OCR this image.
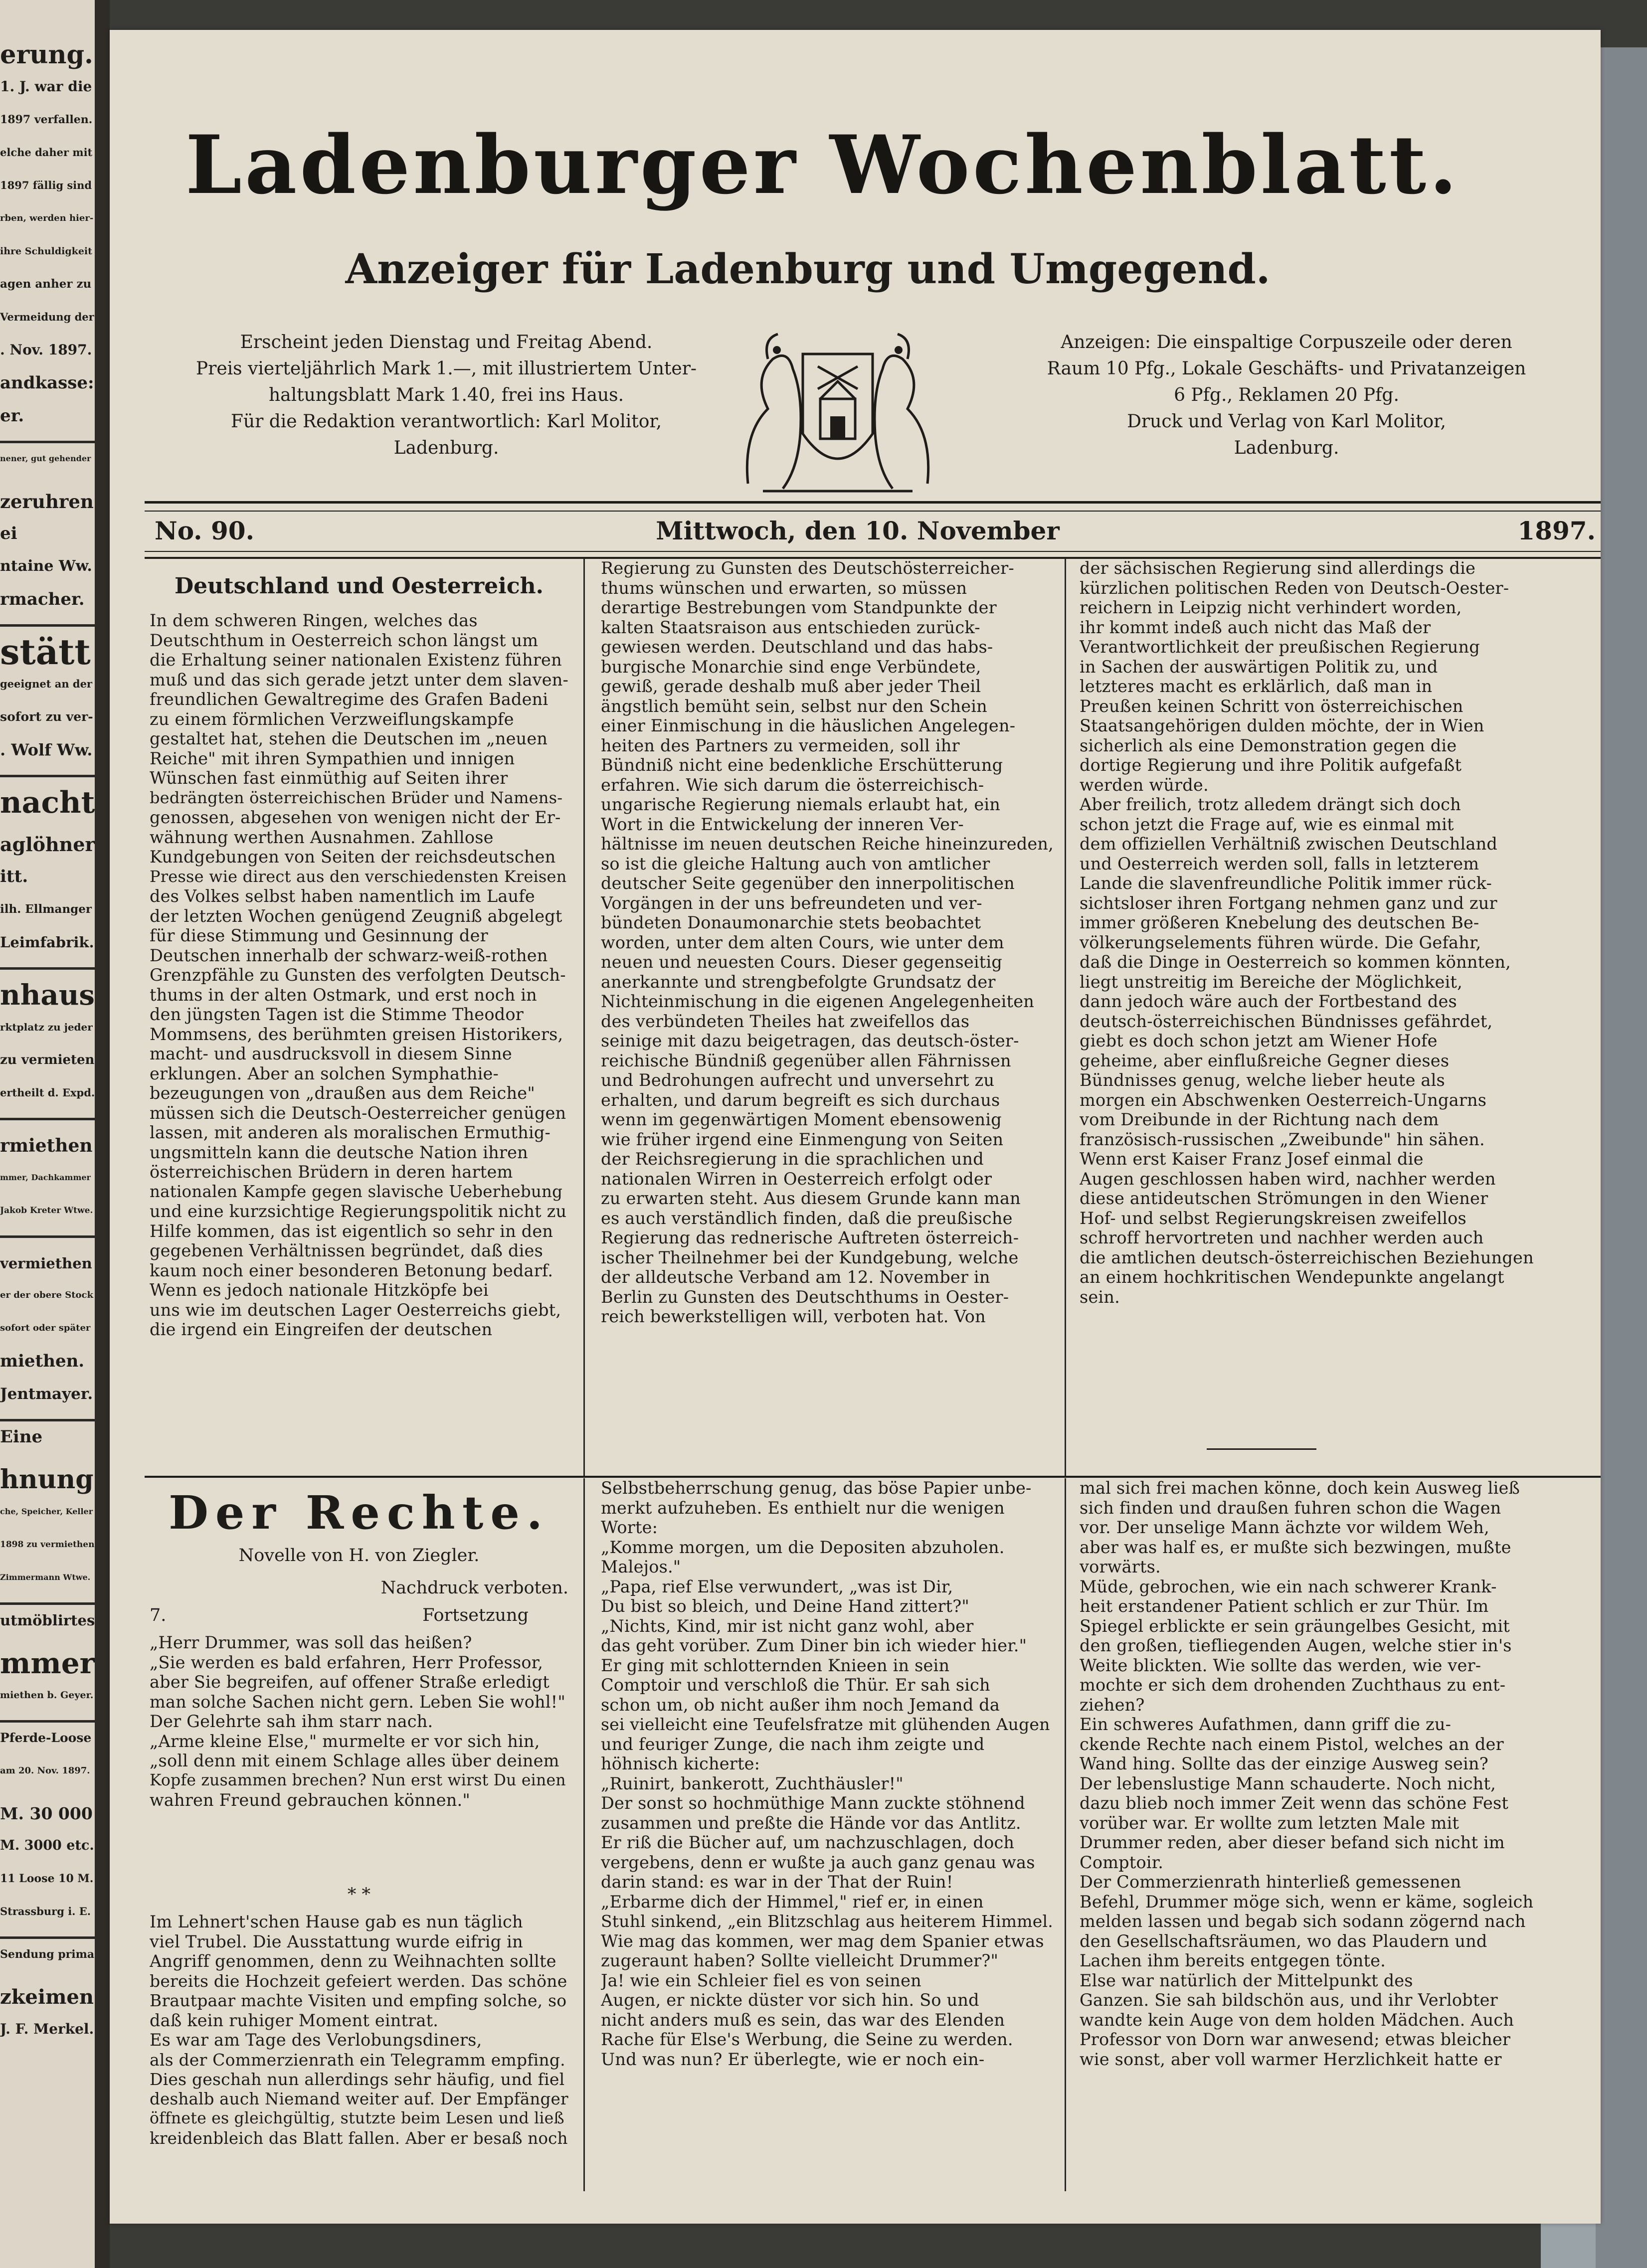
erung.
1. J. war die
1897 verfallen.
elche daher mit
1897 fällig sind
rben, werden hier-
ihre Schuldigkeit
agen anher zu
Vermeidung der
. Nov. 1897.
andkasse:
er.
nener, gut gehender
zeruhren
ei
ntaine Ww.
rmacher.
stätt
geeignet an der
sofort zu ver-
. Wolf Ww.
nacht
aglöhner
itt.
ilh. Ellmanger
Leimfabrik.
nhaus
rktplatz zu jeder
zu vermieten
ertheilt d. Expd.
rmiethen
mmer, Dachkammer
Jakob Kreter Wtwe.
vermiethen
er der obere Stock
sofort oder später
miethen.
Jentmayer.
Eine
hnung
che, Speicher, Keller
1898 zu vermiethen
Zimmermann Wtwe.
utmöblirtes
mmer
miethen b. Geyer.
Pferde-Loose
am 20. Nov. 1897.
M. 30 000
M. 3000 etc.
11 Loose 10 M.
Strassburg i. E.
Sendung prima
zkeimen
J. F. Merkel.
Ladenburger Wochenblatt.
Anzeiger für Ladenburg und Umgegend.
Erscheint jeden Dienstag und Freitag Abend.
Preis vierteljährlich Mark 1.—, mit illustriertem Unter-
haltungsblatt Mark 1.40, frei ins Haus.
Für die Redaktion verantwortlich: Karl Molitor,
Ladenburg.
Anzeigen: Die einspaltige Corpuszeile oder deren
Raum 10 Pfg., Lokale Geschäfts- und Privatanzeigen
6 Pfg., Reklamen 20 Pfg.
Druck und Verlag von Karl Molitor,
Ladenburg.
No. 90.	Mittwoch, den 10. November	1897.
Deutschland und Oesterreich.
In dem schweren Ringen, welches das
Deutschthum in Oesterreich schon längst um
die Erhaltung seiner nationalen Existenz führen
muß und das sich gerade jetzt unter dem slaven-
freundlichen Gewaltregime des Grafen Badeni
zu einem förmlichen Verzweiflungskampfe
gestaltet hat, stehen die Deutschen im „neuen
Reiche" mit ihren Sympathien und innigen
Wünschen fast einmüthig auf Seiten ihrer
bedrängten österreichischen Brüder und Namens-
genossen, abgesehen von wenigen nicht der Er-
wähnung werthen Ausnahmen. Zahllose
Kundgebungen von Seiten der reichsdeutschen
Presse wie direct aus den verschiedensten Kreisen
des Volkes selbst haben namentlich im Laufe
der letzten Wochen genügend Zeugniß abgelegt
für diese Stimmung und Gesinnung der
Deutschen innerhalb der schwarz-weiß-rothen
Grenzpfähle zu Gunsten des verfolgten Deutsch-
thums in der alten Ostmark, und erst noch in
den jüngsten Tagen ist die Stimme Theodor
Mommsens, des berühmten greisen Historikers,
macht- und ausdrucksvoll in diesem Sinne
erklungen. Aber an solchen Symphathie-
bezeugungen von „draußen aus dem Reiche"
müssen sich die Deutsch-Oesterreicher genügen
lassen, mit anderen als moralischen Ermuthig-
ungsmitteln kann die deutsche Nation ihren
österreichischen Brüdern in deren hartem
nationalen Kampfe gegen slavische Ueberhebung
und eine kurzsichtige Regierungspolitik nicht zu
Hilfe kommen, das ist eigentlich so sehr in den
gegebenen Verhältnissen begründet, daß dies
kaum noch einer besonderen Betonung bedarf.
Wenn es jedoch nationale Hitzköpfe bei
uns wie im deutschen Lager Oesterreichs giebt,
die irgend ein Eingreifen der deutschen
Regierung zu Gunsten des Deutschösterreicher-
thums wünschen und erwarten, so müssen
derartige Bestrebungen vom Standpunkte der
kalten Staatsraison aus entschieden zurück-
gewiesen werden. Deutschland und das habs-
burgische Monarchie sind enge Verbündete,
gewiß, gerade deshalb muß aber jeder Theil
ängstlich bemüht sein, selbst nur den Schein
einer Einmischung in die häuslichen Angelegen-
heiten des Partners zu vermeiden, soll ihr
Bündniß nicht eine bedenkliche Erschütterung
erfahren. Wie sich darum die österreichisch-
ungarische Regierung niemals erlaubt hat, ein
Wort in die Entwickelung der inneren Ver-
hältnisse im neuen deutschen Reiche hineinzureden,
so ist die gleiche Haltung auch von amtlicher
deutscher Seite gegenüber den innerpolitischen
Vorgängen in der uns befreundeten und ver-
bündeten Donaumonarchie stets beobachtet
worden, unter dem alten Cours, wie unter dem
neuen und neuesten Cours. Dieser gegenseitig
anerkannte und strengbefolgte Grundsatz der
Nichteinmischung in die eigenen Angelegenheiten
des verbündeten Theiles hat zweifellos das
seinige mit dazu beigetragen, das deutsch-öster-
reichische Bündniß gegenüber allen Fährnissen
und Bedrohungen aufrecht und unversehrt zu
erhalten, und darum begreift es sich durchaus
wenn im gegenwärtigen Moment ebensowenig
wie früher irgend eine Einmengung von Seiten
der Reichsregierung in die sprachlichen und
nationalen Wirren in Oesterreich erfolgt oder
zu erwarten steht. Aus diesem Grunde kann man
es auch verständlich finden, daß die preußische
Regierung das rednerische Auftreten österreich-
ischer Theilnehmer bei der Kundgebung, welche
der alldeutsche Verband am 12. November in
Berlin zu Gunsten des Deutschthums in Oester-
reich bewerkstelligen will, verboten hat. Von
der sächsischen Regierung sind allerdings die
kürzlichen politischen Reden von Deutsch-Oester-
reichern in Leipzig nicht verhindert worden,
ihr kommt indeß auch nicht das Maß der
Verantwortlichkeit der preußischen Regierung
in Sachen der auswärtigen Politik zu, und
letzteres macht es erklärlich, daß man in
Preußen keinen Schritt von österreichischen
Staatsangehörigen dulden möchte, der in Wien
sicherlich als eine Demonstration gegen die
dortige Regierung und ihre Politik aufgefaßt
werden würde.
Aber freilich, trotz alledem drängt sich doch
schon jetzt die Frage auf, wie es einmal mit
dem offiziellen Verhältniß zwischen Deutschland
und Oesterreich werden soll, falls in letzterem
Lande die slavenfreundliche Politik immer rück-
sichtsloser ihren Fortgang nehmen ganz und zur
immer größeren Knebelung des deutschen Be-
völkerungselements führen würde. Die Gefahr,
daß die Dinge in Oesterreich so kommen könnten,
liegt unstreitig im Bereiche der Möglichkeit,
dann jedoch wäre auch der Fortbestand des
deutsch-österreichischen Bündnisses gefährdet,
giebt es doch schon jetzt am Wiener Hofe
geheime, aber einflußreiche Gegner dieses
Bündnisses genug, welche lieber heute als
morgen ein Abschwenken Oesterreich-Ungarns
vom Dreibunde in der Richtung nach dem
französisch-russischen „Zweibunde" hin sähen.
Wenn erst Kaiser Franz Josef einmal die
Augen geschlossen haben wird, nachher werden
diese antideutschen Strömungen in den Wiener
Hof- und selbst Regierungskreisen zweifellos
schroff hervortreten und nachher werden auch
die amtlichen deutsch-österreichischen Beziehungen
an einem hochkritischen Wendepunkte angelangt
sein.
Der Rechte.
Novelle von H. von Ziegler.
Nachdruck verboten.
7.	Fortsetzung
„Herr Drummer, was soll das heißen?
„Sie werden es bald erfahren, Herr Professor,
aber Sie begreifen, auf offener Straße erledigt
man solche Sachen nicht gern. Leben Sie wohl!"
Der Gelehrte sah ihm starr nach.
„Arme kleine Else," murmelte er vor sich hin,
„soll denn mit einem Schlage alles über deinem
Kopfe zusammen brechen? Nun erst wirst Du einen
wahren Freund gebrauchen können."
* *
Im Lehnert'schen Hause gab es nun täglich
viel Trubel. Die Ausstattung wurde eifrig in
Angriff genommen, denn zu Weihnachten sollte
bereits die Hochzeit gefeiert werden. Das schöne
Brautpaar machte Visiten und empfing solche, so
daß kein ruhiger Moment eintrat.
Es war am Tage des Verlobungsdiners,
als der Commerzienrath ein Telegramm empfing.
Dies geschah nun allerdings sehr häufig, und fiel
deshalb auch Niemand weiter auf. Der Empfänger
öffnete es gleichgültig, stutzte beim Lesen und ließ
kreidenbleich das Blatt fallen. Aber er besaß noch
Selbstbeherrschung genug, das böse Papier unbe-
merkt aufzuheben. Es enthielt nur die wenigen
Worte:
„Komme morgen, um die Depositen abzuholen.
Malejos."
„Papa, rief Else verwundert, „was ist Dir,
Du bist so bleich, und Deine Hand zittert?"
„Nichts, Kind, mir ist nicht ganz wohl, aber
das geht vorüber. Zum Diner bin ich wieder hier."
Er ging mit schlotternden Knieen in sein
Comptoir und verschloß die Thür. Er sah sich
schon um, ob nicht außer ihm noch Jemand da
sei vielleicht eine Teufelsfratze mit glühenden Augen
und feuriger Zunge, die nach ihm zeigte und
höhnisch kicherte:
„Ruinirt, bankerott, Zuchthäusler!"
Der sonst so hochmüthige Mann zuckte stöhnend
zusammen und preßte die Hände vor das Antlitz.
Er riß die Bücher auf, um nachzuschlagen, doch
vergebens, denn er wußte ja auch ganz genau was
darin stand: es war in der That der Ruin!
„Erbarme dich der Himmel," rief er, in einen
Stuhl sinkend, „ein Blitzschlag aus heiterem Himmel.
Wie mag das kommen, wer mag dem Spanier etwas
zugeraunt haben? Sollte vielleicht Drummer?"
Ja! wie ein Schleier fiel es von seinen
Augen, er nickte düster vor sich hin. So und
nicht anders muß es sein, das war des Elenden
Rache für Else's Werbung, die Seine zu werden.
Und was nun? Er überlegte, wie er noch ein-
mal sich frei machen könne, doch kein Ausweg ließ
sich finden und draußen fuhren schon die Wagen
vor. Der unselige Mann ächzte vor wildem Weh,
aber was half es, er mußte sich bezwingen, mußte
vorwärts.
Müde, gebrochen, wie ein nach schwerer Krank-
heit erstandener Patient schlich er zur Thür. Im
Spiegel erblickte er sein gräungelbes Gesicht, mit
den großen, tiefliegenden Augen, welche stier in's
Weite blickten. Wie sollte das werden, wie ver-
mochte er sich dem drohenden Zuchthaus zu ent-
ziehen?
Ein schweres Aufathmen, dann griff die zu-
ckende Rechte nach einem Pistol, welches an der
Wand hing. Sollte das der einzige Ausweg sein?
Der lebenslustige Mann schauderte. Noch nicht,
dazu blieb noch immer Zeit wenn das schöne Fest
vorüber war. Er wollte zum letzten Male mit
Drummer reden, aber dieser befand sich nicht im
Comptoir.
Der Commerzienrath hinterließ gemessenen
Befehl, Drummer möge sich, wenn er käme, sogleich
melden lassen und begab sich sodann zögernd nach
den Gesellschaftsräumen, wo das Plaudern und
Lachen ihm bereits entgegen tönte.
Else war natürlich der Mittelpunkt des
Ganzen. Sie sah bildschön aus, und ihr Verlobter
wandte kein Auge von dem holden Mädchen. Auch
Professor von Dorn war anwesend; etwas bleicher
wie sonst, aber voll warmer Herzlichkeit hatte er
